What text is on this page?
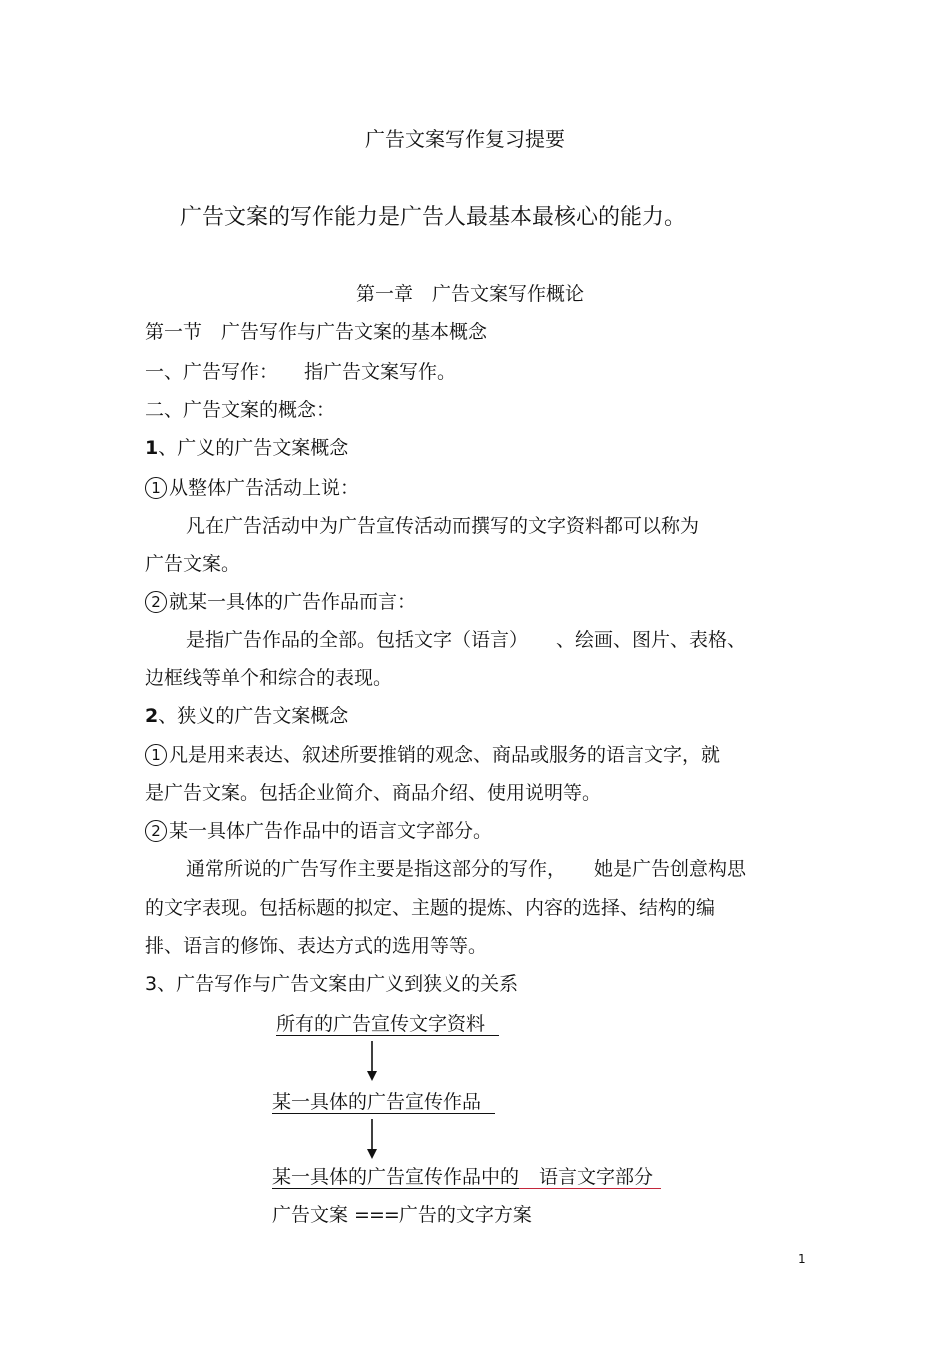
广告文案写作复习提要
广告文案的写作能力是广告人最基本最核心的能力。
第一章　广告文案写作概论
第一节　广告写作与广告文案的基本概念
一、广告写作： 指广告文案写作。
二、广告文案的概念：
1、广义的广告文案概念
1 从整体广告活动上说：
凡在广告活动中为广告宣传活动而撰写的文字资料都可以称为
广告文案。
2 就某一具体的广告作品而言：
是指广告作品的全部。包括文字（语言） 、绘画、图片、表格、
边框线等单个和综合的表现。
2、狭义的广告文案概念
1 凡是用来表达、叙述所要推销的观念、商品或服务的语言文字，就
是广告文案。包括企业简介、商品介绍、使用说明等。
2 某一具体广告作品中的语言文字部分。
通常所说的广告写作主要是指这部分的写作， 她是广告创意构思
的文字表现。包括标题的拟定、主题的提炼、内容的选择、结构的编
排、语言的修饰、表达方式的选用等等。
3、广告写作与广告文案由广义到狭义的关系
所有的广告宣传文字资料
某一具体的广告宣传作品
某一具体的广告宣传作品中的 语言文字部分
广告文案 ===广告的文字方案
1
